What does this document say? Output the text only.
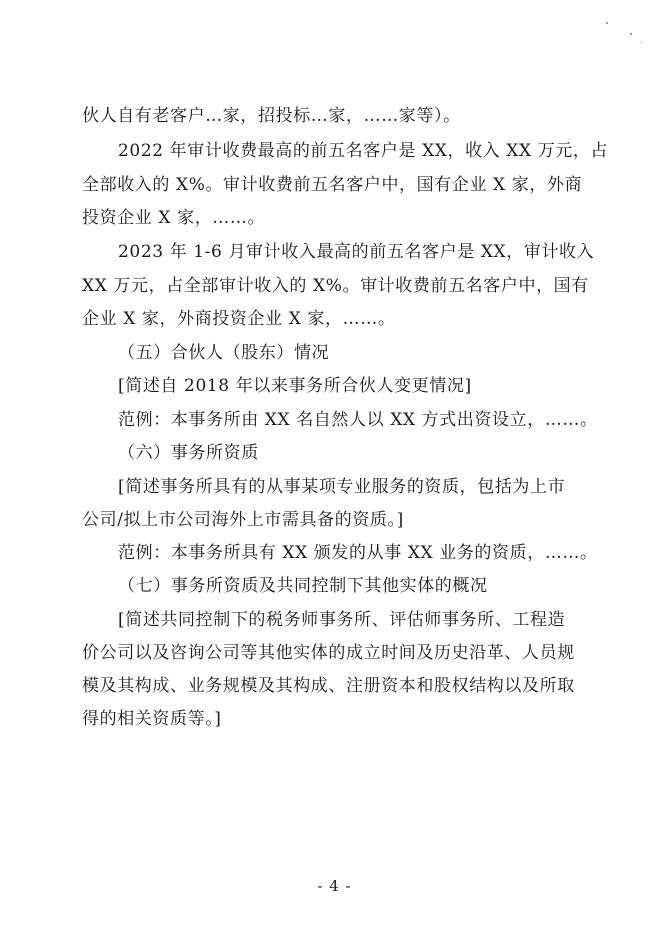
伙人自有老客户…家，招投标…家，……家等）。
2022 年审计收费最高的前五名客户是 XX，收入 XX 万元，占
全部收入的 X%。审计收费前五名客户中，国有企业 X 家，外商
投资企业 X 家，……。
2023 年 1-6 月审计收入最高的前五名客户是 XX，审计收入
XX 万元，占全部审计收入的 X%。审计收费前五名客户中，国有
企业 X 家，外商投资企业 X 家，……。
（五）合伙人（股东）情况
[简述自 2018 年以来事务所合伙人变更情况]
范例：本事务所由 XX 名自然人以 XX 方式出资设立，……。
（六）事务所资质
[简述事务所具有的从事某项专业服务的资质，包括为上市
公司/拟上市公司海外上市需具备的资质。]
范例：本事务所具有 XX 颁发的从事 XX 业务的资质，……。
（七）事务所资质及共同控制下其他实体的概况
[简述共同控制下的税务师事务所、评估师事务所、工程造
价公司以及咨询公司等其他实体的成立时间及历史沿革、人员规
模及其构成、业务规模及其构成、注册资本和股权结构以及所取
得的相关资质等。]
- 4 -
